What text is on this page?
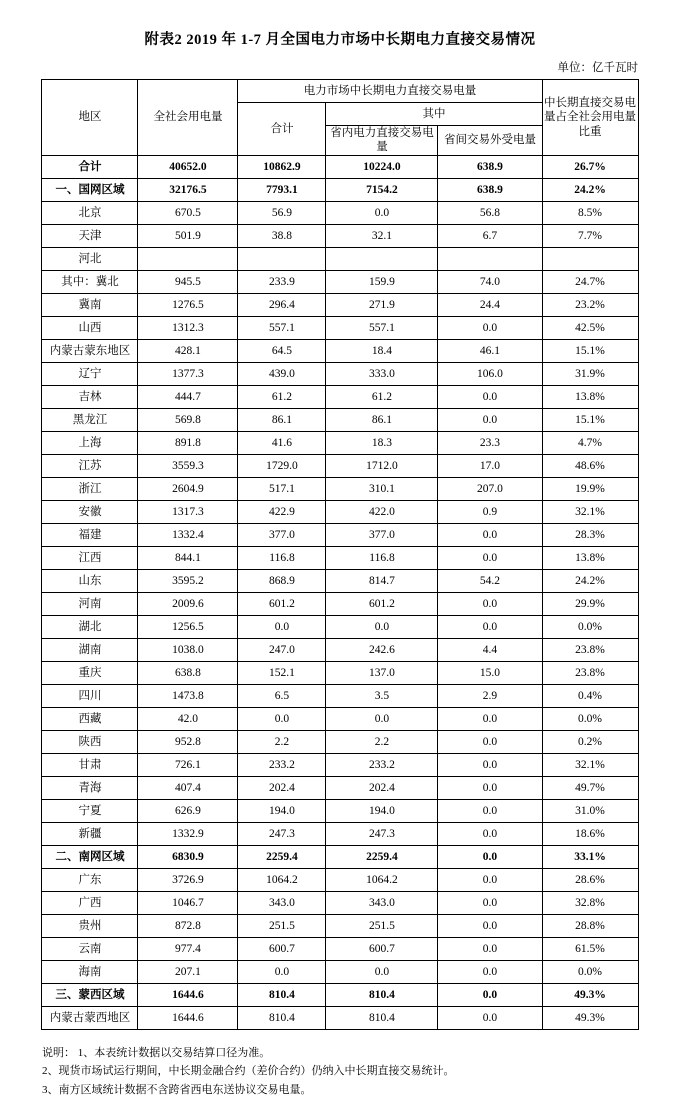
附表2 2019 年 1-7 月全国电力市场中长期电力直接交易情况
单位：亿千瓦时
地区	全社会用电量	电力市场中长期电力直接交易电量			中长期直接交易电量占全社会用电量比重
		合计	其中		
			省内电力直接交易电量	省间交易外受电量	
合计	40652.0	10862.9	10224.0	638.9	26.7%
一、国网区域	32176.5	7793.1	7154.2	638.9	24.2%
北京	670.5	56.9	0.0	56.8	8.5%
天津	501.9	38.8	32.1	6.7	7.7%
河北					
其中：冀北	945.5	233.9	159.9	74.0	24.7%
冀南	1276.5	296.4	271.9	24.4	23.2%
山西	1312.3	557.1	557.1	0.0	42.5%
内蒙古蒙东地区	428.1	64.5	18.4	46.1	15.1%
辽宁	1377.3	439.0	333.0	106.0	31.9%
吉林	444.7	61.2	61.2	0.0	13.8%
黑龙江	569.8	86.1	86.1	0.0	15.1%
上海	891.8	41.6	18.3	23.3	4.7%
江苏	3559.3	1729.0	1712.0	17.0	48.6%
浙江	2604.9	517.1	310.1	207.0	19.9%
安徽	1317.3	422.9	422.0	0.9	32.1%
福建	1332.4	377.0	377.0	0.0	28.3%
江西	844.1	116.8	116.8	0.0	13.8%
山东	3595.2	868.9	814.7	54.2	24.2%
河南	2009.6	601.2	601.2	0.0	29.9%
湖北	1256.5	0.0	0.0	0.0	0.0%
湖南	1038.0	247.0	242.6	4.4	23.8%
重庆	638.8	152.1	137.0	15.0	23.8%
四川	1473.8	6.5	3.5	2.9	0.4%
西藏	42.0	0.0	0.0	0.0	0.0%
陕西	952.8	2.2	2.2	0.0	0.2%
甘肃	726.1	233.2	233.2	0.0	32.1%
青海	407.4	202.4	202.4	0.0	49.7%
宁夏	626.9	194.0	194.0	0.0	31.0%
新疆	1332.9	247.3	247.3	0.0	18.6%
二、南网区域	6830.9	2259.4	2259.4	0.0	33.1%
广东	3726.9	1064.2	1064.2	0.0	28.6%
广西	1046.7	343.0	343.0	0.0	32.8%
贵州	872.8	251.5	251.5	0.0	28.8%
云南	977.4	600.7	600.7	0.0	61.5%
海南	207.1	0.0	0.0	0.0	0.0%
三、蒙西区域	1644.6	810.4	810.4	0.0	49.3%
内蒙古蒙西地区	1644.6	810.4	810.4	0.0	49.3%
说明： 1、本表统计数据以交易结算口径为准。
2、现货市场试运行期间，中长期金融合约（差价合约）仍纳入中长期直接交易统计。
3、南方区域统计数据不含跨省西电东送协议交易电量。
